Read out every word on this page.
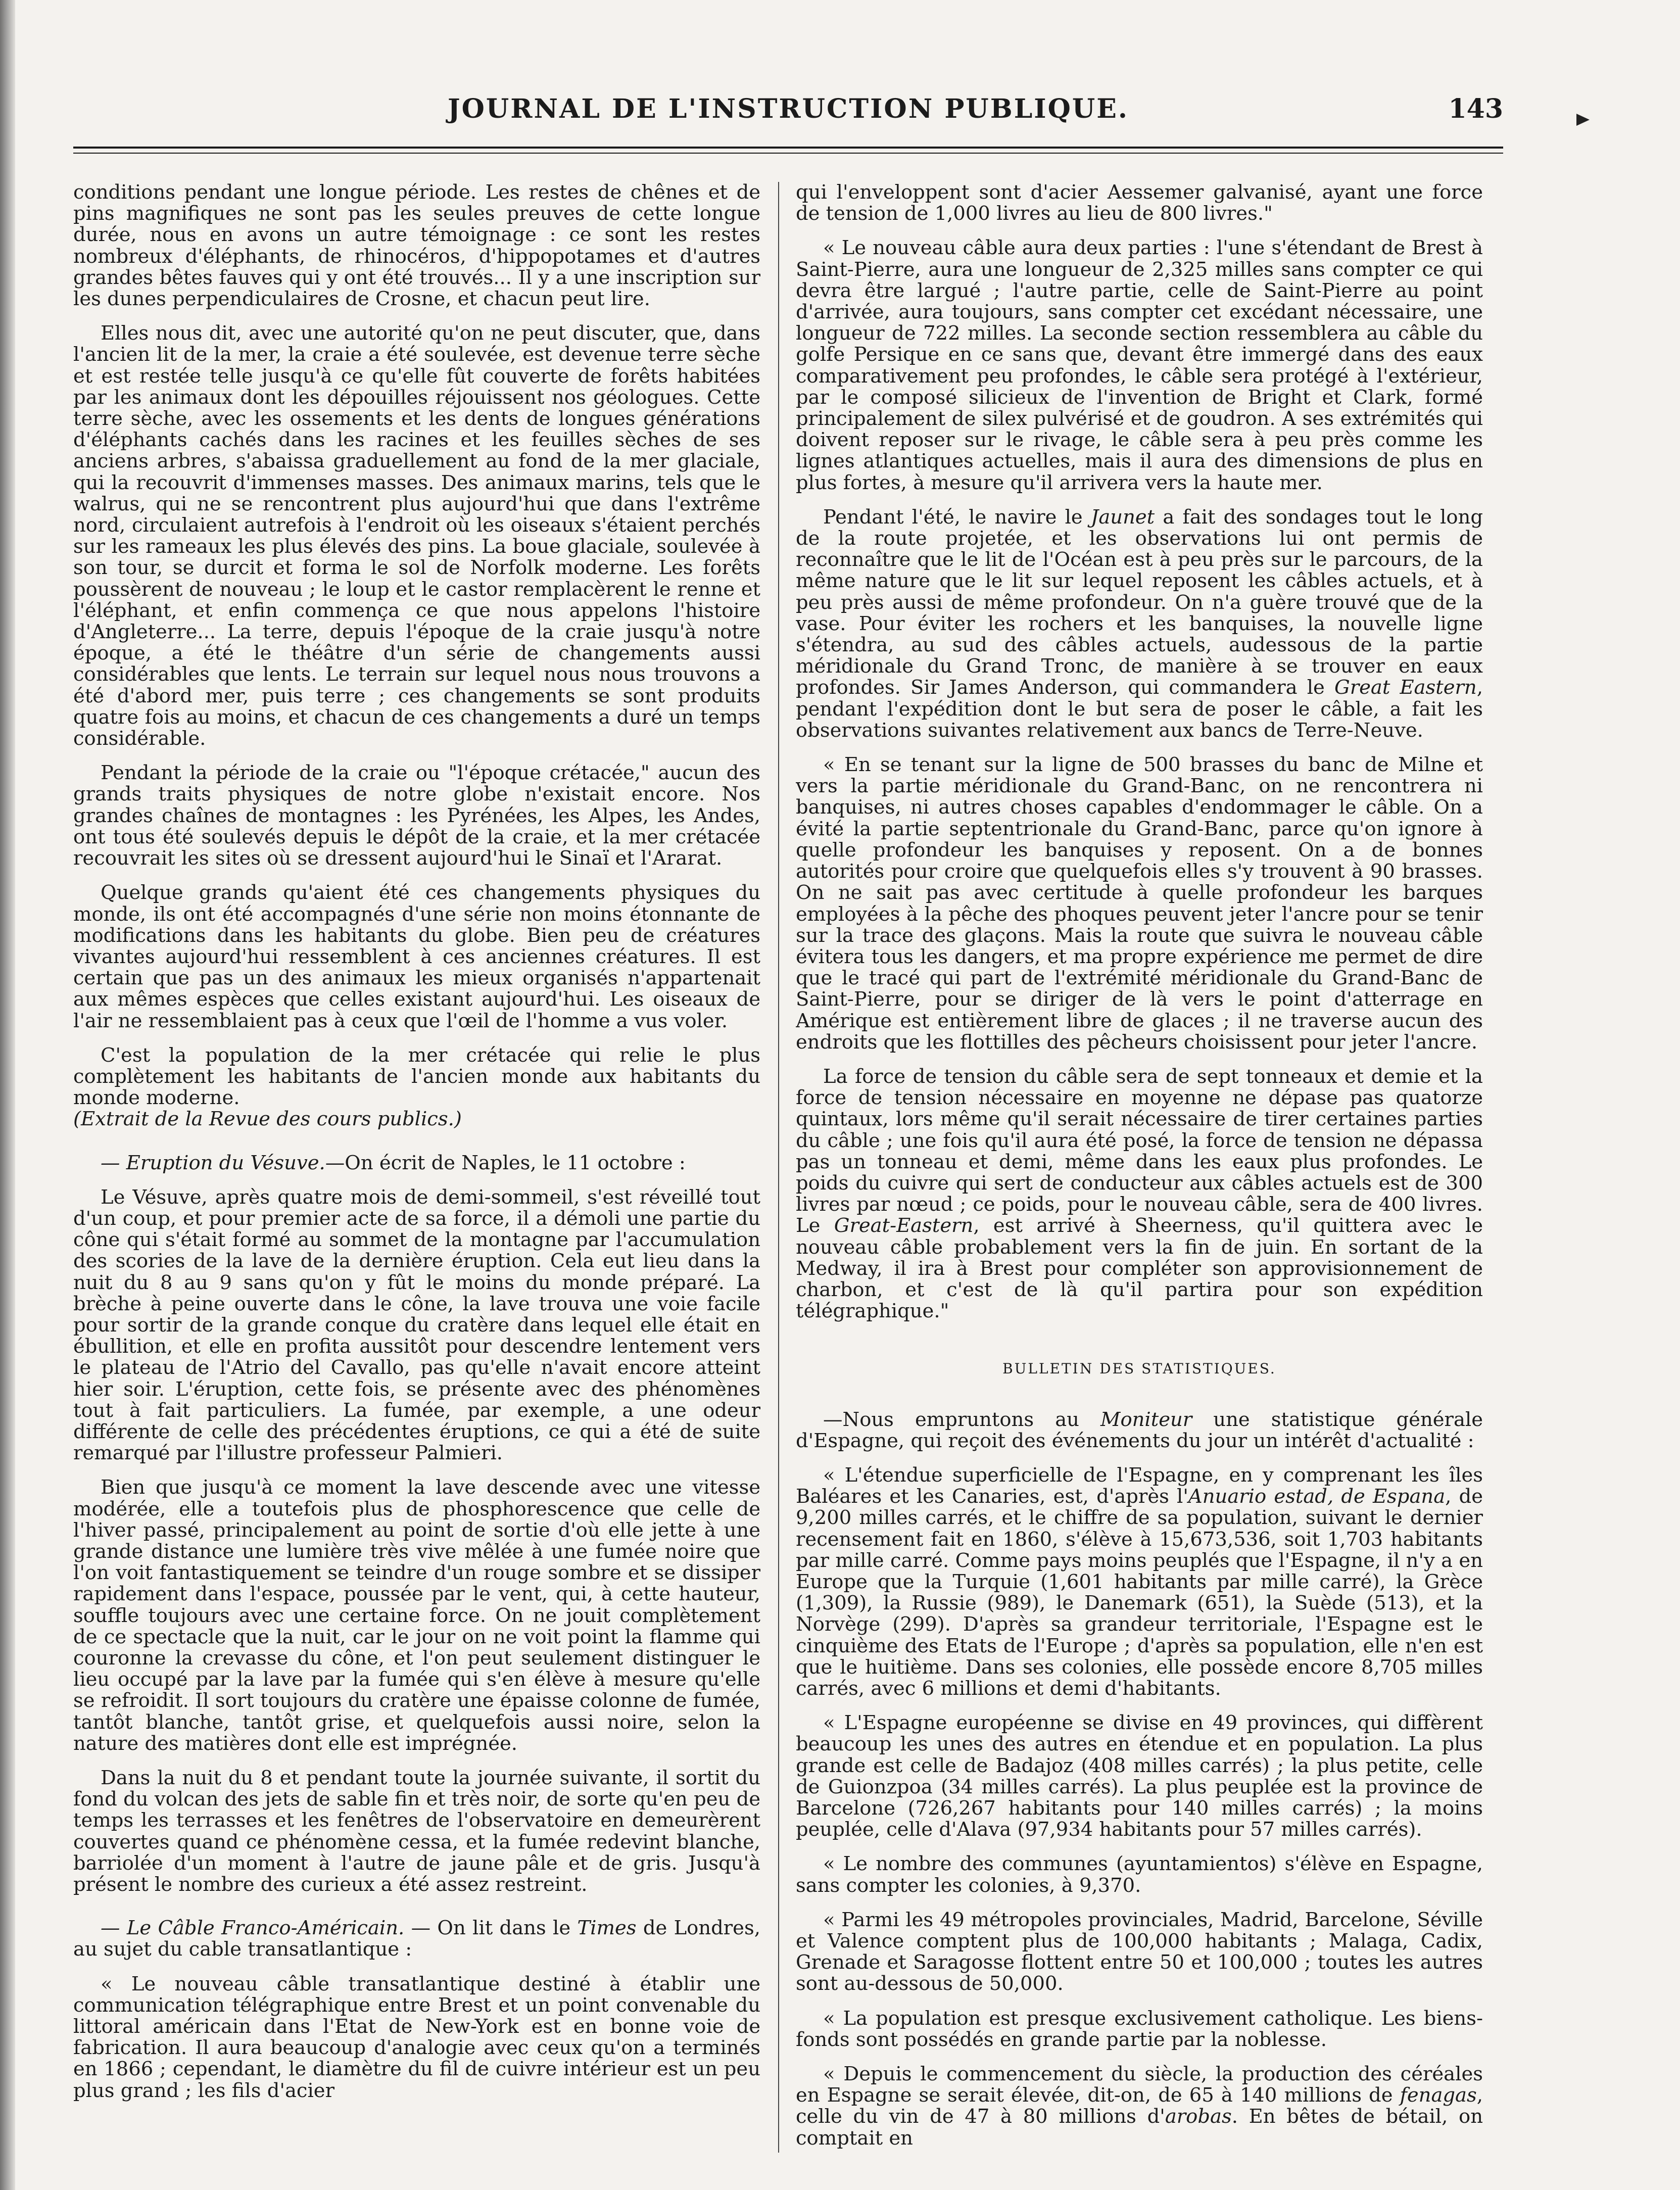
JOURNAL DE L'INSTRUCTION PUBLIQUE.	143

conditions pendant une longue période. Les restes de chênes et de pins magnifiques ne sont pas les seules preuves de cette longue durée, nous en avons un autre témoignage : ce sont les restes nombreux d'éléphants, de rhinocéros, d'hippopotames et d'autres grandes bêtes fauves qui y ont été trouvés... Il y a une inscription sur les dunes perpendiculaires de Crosne, et chacun peut lire.

Elles nous dit, avec une autorité qu'on ne peut discuter, que, dans l'ancien lit de la mer, la craie a été soulevée, est devenue terre sèche et est restée telle jusqu'à ce qu'elle fût couverte de forêts habitées par les animaux dont les dépouilles réjouissent nos géologues. Cette terre sèche, avec les ossements et les dents de longues générations d'éléphants cachés dans les racines et les feuilles sèches de ses anciens arbres, s'abaissa graduellement au fond de la mer glaciale, qui la recouvrit d'immenses masses. Des animaux marins, tels que le walrus, qui ne se rencontrent plus aujourd'hui que dans l'extrême nord, circulaient autrefois à l'endroit où les oiseaux s'étaient perchés sur les rameaux les plus élevés des pins. La boue glaciale, soulevée à son tour, se durcit et forma le sol de Norfolk moderne. Les forêts poussèrent de nouveau ; le loup et le castor remplacèrent le renne et l'éléphant, et enfin commença ce que nous appelons l'histoire d'Angleterre... La terre, depuis l'époque de la craie jusqu'à notre époque, a été le théâtre d'un série de changements aussi considérables que lents. Le terrain sur lequel nous nous trouvons a été d'abord mer, puis terre ; ces changements se sont produits quatre fois au moins, et chacun de ces changements a duré un temps considérable.

Pendant la période de la craie ou "l'époque crétacée," aucun des grands traits physiques de notre globe n'existait encore. Nos grandes chaînes de montagnes : les Pyrénées, les Alpes, les Andes, ont tous été soulevés depuis le dépôt de la craie, et la mer crétacée recouvrait les sites où se dressent aujourd'hui le Sinaï et l'Ararat.

Quelque grands qu'aient été ces changements physiques du monde, ils ont été accompagnés d'une série non moins étonnante de modifications dans les habitants du globe. Bien peu de créatures vivantes aujourd'hui ressemblent à ces anciennes créatures. Il est certain que pas un des animaux les mieux organisés n'appartenait aux mêmes espèces que celles existant aujourd'hui. Les oiseaux de l'air ne ressemblaient pas à ceux que l'œil de l'homme a vus voler.

C'est la population de la mer crétacée qui relie le plus complètement les habitants de l'ancien monde aux habitants du monde moderne.

(Extrait de la Revue des cours publics.)

— Eruption du Vésuve.—On écrit de Naples, le 11 octobre :

Le Vésuve, après quatre mois de demi-sommeil, s'est réveillé tout d'un coup, et pour premier acte de sa force, il a démoli une partie du cône qui s'était formé au sommet de la montagne par l'accumulation des scories de la lave de la dernière éruption. Cela eut lieu dans la nuit du 8 au 9 sans qu'on y fût le moins du monde préparé. La brèche à peine ouverte dans le cône, la lave trouva une voie facile pour sortir de la grande conque du cratère dans lequel elle était en ébullition, et elle en profita aussitôt pour descendre lentement vers le plateau de l'Atrio del Cavallo, pas qu'elle n'avait encore atteint hier soir. L'éruption, cette fois, se présente avec des phénomènes tout à fait particuliers. La fumée, par exemple, a une odeur différente de celle des précédentes éruptions, ce qui a été de suite remarqué par l'illustre professeur Palmieri.

Bien que jusqu'à ce moment la lave descende avec une vitesse modérée, elle a toutefois plus de phosphorescence que celle de l'hiver passé, principalement au point de sortie d'où elle jette à une grande distance une lumière très vive mêlée à une fumée noire que l'on voit fantastiquement se teindre d'un rouge sombre et se dissiper rapidement dans l'espace, poussée par le vent, qui, à cette hauteur, souffle toujours avec une certaine force. On ne jouit complètement de ce spectacle que la nuit, car le jour on ne voit point la flamme qui couronne la crevasse du cône, et l'on peut seulement distinguer le lieu occupé par la lave par la fumée qui s'en élève à mesure qu'elle se refroidit. Il sort toujours du cratère une épaisse colonne de fumée, tantôt blanche, tantôt grise, et quelquefois aussi noire, selon la nature des matières dont elle est imprégnée.

Dans la nuit du 8 et pendant toute la journée suivante, il sortit du fond du volcan des jets de sable fin et très noir, de sorte qu'en peu de temps les terrasses et les fenêtres de l'observatoire en demeurèrent couvertes quand ce phénomène cessa, et la fumée redevint blanche, barriolée d'un moment à l'autre de jaune pâle et de gris. Jusqu'à présent le nombre des curieux a été assez restreint.

— Le Câble Franco-Américain. — On lit dans le Times de Londres, au sujet du cable transatlantique :

« Le nouveau câble transatlantique destiné à établir une communication télégraphique entre Brest et un point convenable du littoral américain dans l'Etat de New-York est en bonne voie de fabrication. Il aura beaucoup d'analogie avec ceux qu'on a terminés en 1866 ; cependant, le diamètre du fil de cuivre intérieur est un peu plus grand ; les fils d'acier

qui l'enveloppent sont d'acier Aessemer galvanisé, ayant une force de tension de 1,000 livres au lieu de 800 livres."

« Le nouveau câble aura deux parties : l'une s'étendant de Brest à Saint-Pierre, aura une longueur de 2,325 milles sans compter ce qui devra être largué ; l'autre partie, celle de Saint-Pierre au point d'arrivée, aura toujours, sans compter cet excédant nécessaire, une longueur de 722 milles. La seconde section ressemblera au câble du golfe Persique en ce sans que, devant être immergé dans des eaux comparativement peu profondes, le câble sera protégé à l'extérieur, par le composé silicieux de l'invention de Bright et Clark, formé principalement de silex pulvérisé et de goudron. A ses extrémités qui doivent reposer sur le rivage, le câble sera à peu près comme les lignes atlantiques actuelles, mais il aura des dimensions de plus en plus fortes, à mesure qu'il arrivera vers la haute mer.

Pendant l'été, le navire le Jaunet a fait des sondages tout le long de la route projetée, et les observations lui ont permis de reconnaître que le lit de l'Océan est à peu près sur le parcours, de la même nature que le lit sur lequel reposent les câbles actuels, et à peu près aussi de même profondeur. On n'a guère trouvé que de la vase. Pour éviter les rochers et les banquises, la nouvelle ligne s'étendra, au sud des câbles actuels, audessous de la partie méridionale du Grand Tronc, de manière à se trouver en eaux profondes. Sir James Anderson, qui commandera le Great Eastern, pendant l'expédition dont le but sera de poser le câble, a fait les observations suivantes relativement aux bancs de Terre-Neuve.

« En se tenant sur la ligne de 500 brasses du banc de Milne et vers la partie méridionale du Grand-Banc, on ne rencontrera ni banquises, ni autres choses capables d'endommager le câble. On a évité la partie septentrionale du Grand-Banc, parce qu'on ignore à quelle profondeur les banquises y reposent. On a de bonnes autorités pour croire que quelquefois elles s'y trouvent à 90 brasses. On ne sait pas avec certitude à quelle profondeur les barques employées à la pêche des phoques peuvent jeter l'ancre pour se tenir sur la trace des glaçons. Mais la route que suivra le nouveau câble évitera tous les dangers, et ma propre expérience me permet de dire que le tracé qui part de l'extrémité méridionale du Grand-Banc de Saint-Pierre, pour se diriger de là vers le point d'atterrage en Amérique est entièrement libre de glaces ; il ne traverse aucun des endroits que les flottilles des pêcheurs choisissent pour jeter l'ancre.

La force de tension du câble sera de sept tonneaux et demie et la force de tension nécessaire en moyenne ne dépase pas quatorze quintaux, lors même qu'il serait nécessaire de tirer certaines parties du câble ; une fois qu'il aura été posé, la force de tension ne dépassa pas un tonneau et demi, même dans les eaux plus profondes. Le poids du cuivre qui sert de conducteur aux câbles actuels est de 300 livres par nœud ; ce poids, pour le nouveau câble, sera de 400 livres. Le Great-Eastern, est arrivé à Sheerness, qu'il quittera avec le nouveau câble probablement vers la fin de juin. En sortant de la Medway, il ira à Brest pour compléter son approvisionnement de charbon, et c'est de là qu'il partira pour son expédition télégraphique."

BULLETIN DES STATISTIQUES.

—Nous empruntons au Moniteur une statistique générale d'Espagne, qui reçoit des événements du jour un intérêt d'actualité :

« L'étendue superficielle de l'Espagne, en y comprenant les îles Baléares et les Canaries, est, d'après l'Anuario estad, de Espana, de 9,200 milles carrés, et le chiffre de sa population, suivant le dernier recensement fait en 1860, s'élève à 15,673,536, soit 1,703 habitants par mille carré. Comme pays moins peuplés que l'Espagne, il n'y a en Europe que la Turquie (1,601 habitants par mille carré), la Grèce (1,309), la Russie (989), le Danemark (651), la Suède (513), et la Norvège (299). D'après sa grandeur territoriale, l'Espagne est le cinquième des Etats de l'Europe ; d'après sa population, elle n'en est que le huitième. Dans ses colonies, elle possède encore 8,705 milles carrés, avec 6 millions et demi d'habitants.

« L'Espagne européenne se divise en 49 provinces, qui diffèrent beaucoup les unes des autres en étendue et en population. La plus grande est celle de Badajoz (408 milles carrés) ; la plus petite, celle de Guionzpoa (34 milles carrés). La plus peuplée est la province de Barcelone (726,267 habitants pour 140 milles carrés) ; la moins peuplée, celle d'Alava (97,934 habitants pour 57 milles carrés).

« Le nombre des communes (ayuntamientos) s'élève en Espagne, sans compter les colonies, à 9,370.

« Parmi les 49 métropoles provinciales, Madrid, Barcelone, Séville et Valence comptent plus de 100,000 habitants ; Malaga, Cadix, Grenade et Saragosse flottent entre 50 et 100,000 ; toutes les autres sont au-dessous de 50,000.

« La population est presque exclusivement catholique. Les biens-fonds sont possédés en grande partie par la noblesse.

« Depuis le commencement du siècle, la production des céréales en Espagne se serait élevée, dit-on, de 65 à 140 millions de fenagas, celle du vin de 47 à 80 millions d'arobas. En bêtes de bétail, on comptait en
